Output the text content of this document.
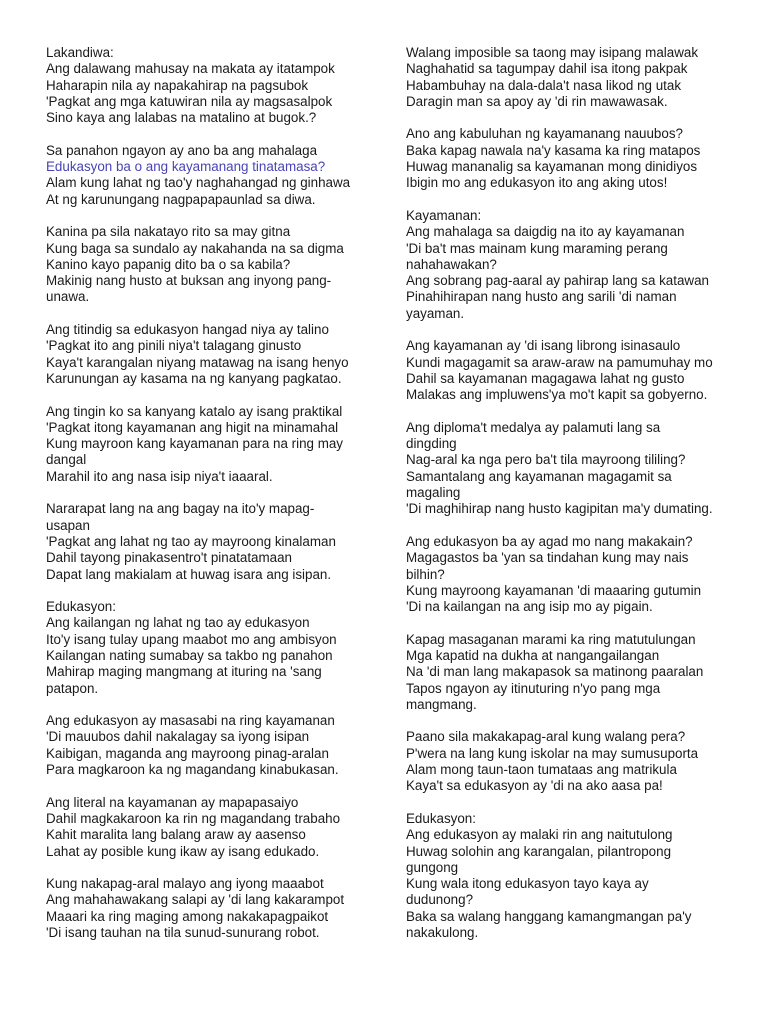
Lakandiwa:
Ang dalawang mahusay na makata ay itatampok
Haharapin nila ay napakahirap na pagsubok
'Pagkat ang mga katuwiran nila ay magsasalpok
Sino kaya ang lalabas na matalino at bugok.?
Sa panahon ngayon ay ano ba ang mahalaga
Edukasyon ba o ang kayamanang tinatamasa?
Alam kung lahat ng tao'y naghahangad ng ginhawa
At ng karunungang nagpapapaunlad sa diwa.
Kanina pa sila nakatayo rito sa may gitna
Kung baga sa sundalo ay nakahanda na sa digma
Kanino kayo papanig dito ba o sa kabila?
Makinig nang husto at buksan ang inyong pang-
unawa.
Ang titindig sa edukasyon hangad niya ay talino
'Pagkat ito ang pinili niya't talagang ginusto
Kaya't karangalan niyang matawag na isang henyo
Karunungan ay kasama na ng kanyang pagkatao.
Ang tingin ko sa kanyang katalo ay isang praktikal
'Pagkat itong kayamanan ang higit na minamahal
Kung mayroon kang kayamanan para na ring may
dangal
Marahil ito ang nasa isip niya't iaaaral.
Nararapat lang na ang bagay na ito'y mapag-
usapan
'Pagkat ang lahat ng tao ay mayroong kinalaman
Dahil tayong pinakasentro't pinatatamaan
Dapat lang makialam at huwag isara ang isipan.
Edukasyon:
Ang kailangan ng lahat ng tao ay edukasyon
Ito'y isang tulay upang maabot mo ang ambisyon
Kailangan nating sumabay sa takbo ng panahon
Mahirap maging mangmang at ituring na 'sang
patapon.
Ang edukasyon ay masasabi na ring kayamanan
'Di mauubos dahil nakalagay sa iyong isipan
Kaibigan, maganda ang mayroong pinag-aralan
Para magkaroon ka ng magandang kinabukasan.
Ang literal na kayamanan ay mapapasaiyo
Dahil magkakaroon ka rin ng magandang trabaho
Kahit maralita lang balang araw ay aasenso
Lahat ay posible kung ikaw ay isang edukado.
Kung nakapag-aral malayo ang iyong maaabot
Ang mahahawakang salapi ay 'di lang kakarampot
Maaari ka ring maging among nakakapagpaikot
'Di isang tauhan na tila sunud-sunurang robot.
Walang imposible sa taong may isipang malawak
Naghahatid sa tagumpay dahil isa itong pakpak
Habambuhay na dala-dala't nasa likod ng utak
Daragin man sa apoy ay 'di rin mawawasak.
Ano ang kabuluhan ng kayamanang nauubos?
Baka kapag nawala na'y kasama ka ring matapos
Huwag mananalig sa kayamanan mong dinidiyos
Ibigin mo ang edukasyon ito ang aking utos!
Kayamanan:
Ang mahalaga sa daigdig na ito ay kayamanan
'Di ba't mas mainam kung maraming perang
nahahawakan?
Ang sobrang pag-aaral ay pahirap lang sa katawan
Pinahihirapan nang husto ang sarili 'di naman
yayaman.
Ang kayamanan ay 'di isang librong isinasaulo
Kundi magagamit sa araw-araw na pamumuhay mo
Dahil sa kayamanan magagawa lahat ng gusto
Malakas ang impluwens'ya mo't kapit sa gobyerno.
Ang diploma't medalya ay palamuti lang sa
dingding
Nag-aral ka nga pero ba't tila mayroong tililing?
Samantalang ang kayamanan magagamit sa
magaling
'Di maghihirap nang husto kagipitan ma'y dumating.
Ang edukasyon ba ay agad mo nang makakain?
Magagastos ba 'yan sa tindahan kung may nais
bilhin?
Kung mayroong kayamanan 'di maaaring gutumin
'Di na kailangan na ang isip mo ay pigain.
Kapag masaganan marami ka ring matutulungan
Mga kapatid na dukha at nangangailangan
Na 'di man lang makapasok sa matinong paaralan
Tapos ngayon ay itinuturing n'yo pang mga
mangmang.
Paano sila makakapag-aral kung walang pera?
P'wera na lang kung iskolar na may sumusuporta
Alam mong taun-taon tumataas ang matrikula
Kaya't sa edukasyon ay 'di na ako aasa pa!
Edukasyon:
Ang edukasyon ay malaki rin ang naitutulong
Huwag solohin ang karangalan, pilantropong
gungong
Kung wala itong edukasyon tayo kaya ay
dudunong?
Baka sa walang hanggang kamangmangan pa'y
nakakulong.
